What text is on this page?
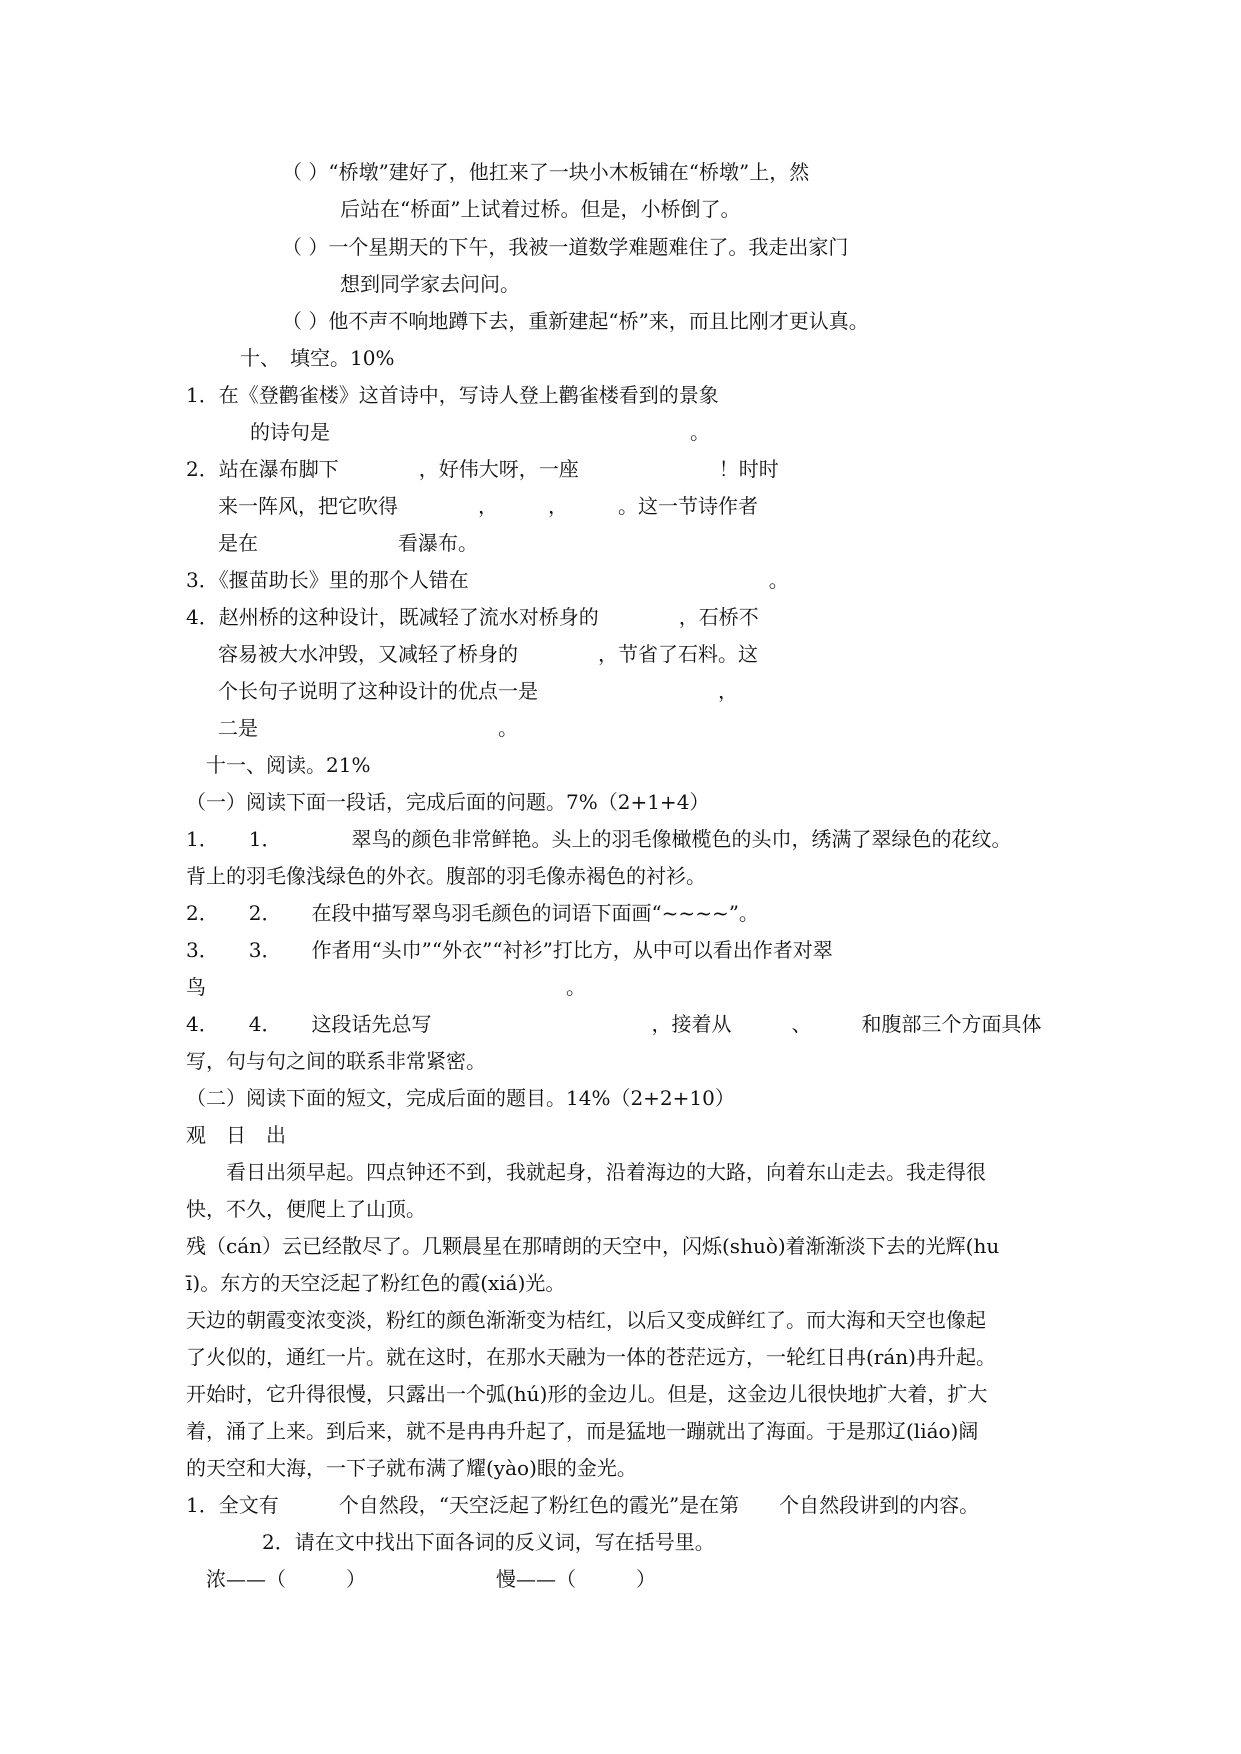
（ ）“桥墩”建好了，他扛来了一块小木板铺在“桥墩”上，然
后站在“桥面”上试着过桥。但是，小桥倒了。
（ ）一个星期天的下午，我被一道数学难题难住了。我走出家门
想到同学家去问问。
（ ）他不声不响地蹲下去，重新建起“桥”来，而且比刚才更认真。
十、　填空。10%
1．在《登鹳雀楼》这首诗中，写诗人登上鹳雀楼看到的景象
的诗句是　　　　　　　　　　　　　　　　　　。
2．站在瀑布脚下　　　　，好伟大呀，一座　　　　　　　！时时
来一阵风，把它吹得　　　　，　　　，　　　。这一节诗作者
是在　　　　　　　看瀑布。
3．《揠苗助长》里的那个人错在　　　　　　　　　　　　　　　。
4．赵州桥的这种设计，既减轻了流水对桥身的　　　　，石桥不
容易被大水冲毁，又减轻了桥身的　　　　，节省了石料。这
个长句子说明了这种设计的优点一是　　　　　　　　　，
二是　　　　　　　　　　　　。
十一、阅读。21%
（一）阅读下面一段话，完成后面的问题。7%（2+1+4）
1．　　1．　　　　翠鸟的颜色非常鲜艳。头上的羽毛像橄榄色的头巾，绣满了翠绿色的花纹。
背上的羽毛像浅绿色的外衣。腹部的羽毛像赤褐色的衬衫。
2．　　2．　　在段中描写翠鸟羽毛颜色的词语下面画“~~~~”。
3．　　3．　　作者用“头巾”“外衣”“衬衫”打比方，从中可以看出作者对翠
鸟　　　　　　　　　　　　　　　　　　。
4．　　4．　　这段话先总写　　　　　　　　　　　，接着从　　　、　　　和腹部三个方面具体
写，句与句之间的联系非常紧密。
（二）阅读下面的短文，完成后面的题目。14%（2+2+10）
观　日　出
　　看日出须早起。四点钟还不到，我就起身，沿着海边的大路，向着东山走去。我走得很
快，不久，便爬上了山顶。
残（cán）云已经散尽了。几颗晨星在那晴朗的天空中，闪烁(shuò)着渐渐淡下去的光辉(hu
ī)。东方的天空泛起了粉红色的霞(xiá)光。
天边的朝霞变浓变淡，粉红的颜色渐渐变为桔红，以后又变成鲜红了。而大海和天空也像起
了火似的，通红一片。就在这时，在那水天融为一体的苍茫远方，一轮红日冉(rán)冉升起。
开始时，它升得很慢，只露出一个弧(hú)形的金边儿。但是，这金边儿很快地扩大着，扩大
着，涌了上来。到后来，就不是冉冉升起了，而是猛地一蹦就出了海面。于是那辽(liáo)阔
的天空和大海，一下子就布满了耀(yào)眼的金光。
1．全文有　　　个自然段，“天空泛起了粉红色的霞光”是在第　　个自然段讲到的内容。
2．请在文中找出下面各词的反义词，写在括号里。
浓——（　　　）　　　　　　　慢——（　　　）
